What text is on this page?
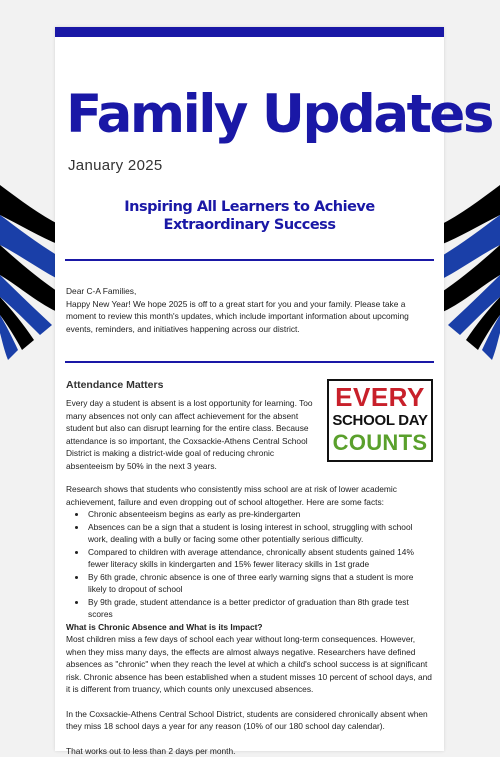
Family Updates
January 2025
Inspiring All Learners to Achieve Extraordinary Success
Dear C-A Families,
Happy New Year! We hope 2025 is off to a great start for you and your family. Please take a moment to review this month's updates, which include important information about upcoming events, reminders, and initiatives happening across our district.
EVERY
SCHOOL DAY
COUNTS
Attendance Matters
Every day a student is absent is a lost opportunity for learning. Too many absences not only can affect achievement for the absent student but also can disrupt learning for the entire class. Because attendance is so important, the Coxsackie-Athens Central School District is making a district-wide goal of reducing chronic absenteeism by 50% in the next 3 years.
Research shows that students who consistently miss school are at risk of lower academic achievement, failure and even dropping out of school altogether. Here are some facts:
• Chronic absenteeism begins as early as pre-kindergarten
• Absences can be a sign that a student is losing interest in school, struggling with school work, dealing with a bully or facing some other potentially serious difficulty.
• Compared to children with average attendance, chronically absent students gained 14% fewer literacy skills in kindergarten and 15% fewer literacy skills in 1st grade
• By 6th grade, chronic absence is one of three early warning signs that a student is more likely to dropout of school
• By 9th grade, student attendance is a better predictor of graduation than 8th grade test scores
What is Chronic Absence and What is its Impact?
Most children miss a few days of school each year without long-term consequences. However, when they miss many days, the effects are almost always negative. Researchers have defined absences as "chronic" when they reach the level at which a child's school success is at significant risk. Chronic absence has been established when a student misses 10 percent of school days, and it is different from truancy, which counts only unexcused absences.
In the Coxsackie-Athens Central School District, students are considered chronically absent when they miss 18 school days a year for any reason (10% of our 180 school day calendar).
That works out to less than 2 days per month.
